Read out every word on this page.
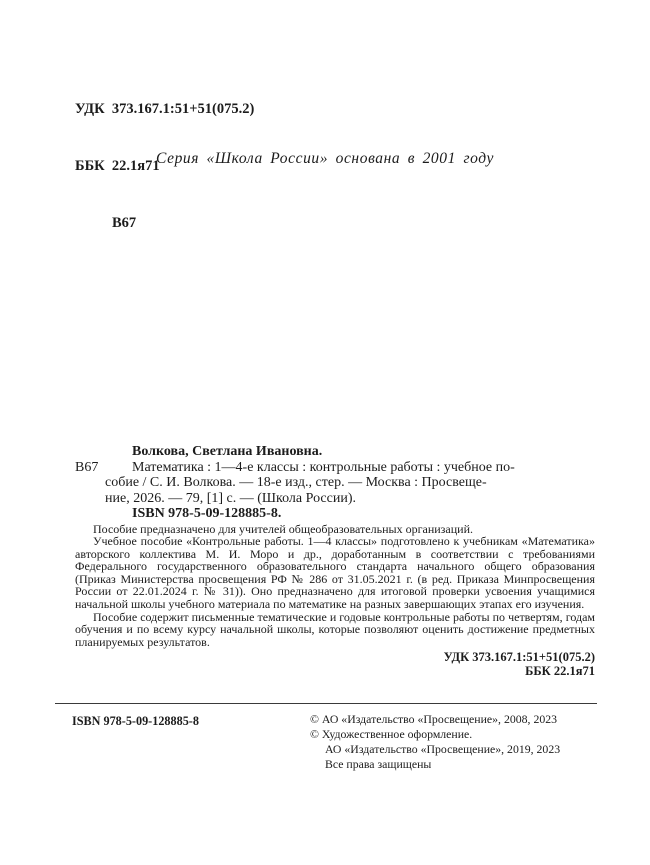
УДК  373.167.1:51+51(075.2)

ББК  22.1я71

В67

Серия «Школа России» основана в 2001 году
Волкова, Светлана Ивановна.
В67	Математика : 1—4-е классы : контрольные работы : учебное по-
собие / С. И. Волкова. — 18-е изд., стер. — Москва : Просвеще-
ние, 2026. — 79, [1] с. — (Школа России).
ISBN 978-5-09-128885-8.

Пособие предназначено для учителей общеобразовательных организаций.

Учебное пособие «Контрольные работы. 1—4 классы» подготовлено к учебникам «Математика» авторского коллектива М. И. Моро и др., доработанным в соответствии с требованиями Федерального государственного образовательного стандарта начального общего образования (Приказ Министерства просвещения РФ № 286 от 31.05.2021 г. (в ред. Приказа Минпросвещения России от 22.01.2024 г. № 31)). Оно предназначено для итоговой проверки усвоения учащимися начальной школы учебного материала по математике на разных завершающих этапах его изучения.

Пособие содержит письменные тематические и годовые контрольные работы по четвертям, годам обучения и по всему курсу начальной школы, которые позволяют оценить достижение предметных планируемых результатов.

УДК 373.167.1:51+51(075.2)
ББК 22.1я71
ISBN 978-5-09-128885-8	© АО «Издательство «Просвещение», 2008, 2023
© Художественное оформление.
АО «Издательство «Просвещение», 2019, 2023
Все права защищены
